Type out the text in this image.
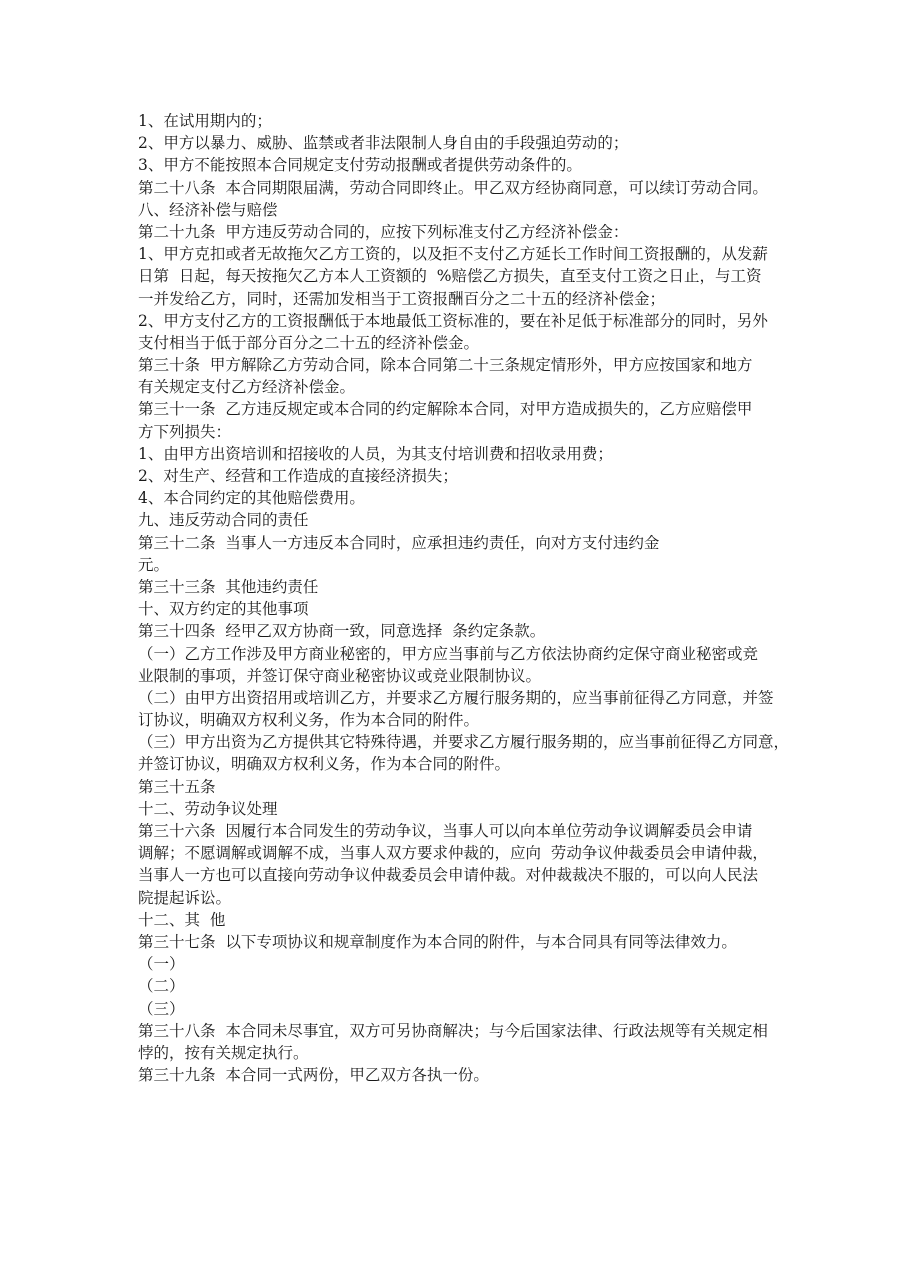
1、在试用期内的；
2、甲方以暴力、威胁、监禁或者非法限制人身自由的手段强迫劳动的；
3、甲方不能按照本合同规定支付劳动报酬或者提供劳动条件的。
第二十八条  本合同期限届满，劳动合同即终止。甲乙双方经协商同意，可以续订劳动合同。
八、经济补偿与赔偿
第二十九条  甲方违反劳动合同的，应按下列标准支付乙方经济补偿金：
1、甲方克扣或者无故拖欠乙方工资的，以及拒不支付乙方延长工作时间工资报酬的，从发薪
日第  日起，每天按拖欠乙方本人工资额的  %赔偿乙方损失，直至支付工资之日止，与工资
一并发给乙方，同时，还需加发相当于工资报酬百分之二十五的经济补偿金；
2、甲方支付乙方的工资报酬低于本地最低工资标准的，要在补足低于标准部分的同时，另外
支付相当于低于部分百分之二十五的经济补偿金。
第三十条  甲方解除乙方劳动合同，除本合同第二十三条规定情形外，甲方应按国家和地方
有关规定支付乙方经济补偿金。
第三十一条  乙方违反规定或本合同的约定解除本合同，对甲方造成损失的，乙方应赔偿甲
方下列损失：
1、由甲方出资培训和招接收的人员，为其支付培训费和招收录用费；
2、对生产、经营和工作造成的直接经济损失；
4、本合同约定的其他赔偿费用。
九、违反劳动合同的责任
第三十二条  当事人一方违反本合同时，应承担违约责任，向对方支付违约金
元。
第三十三条  其他违约责任
十、双方约定的其他事项
第三十四条  经甲乙双方协商一致，同意选择  条约定条款。
（一）乙方工作涉及甲方商业秘密的，甲方应当事前与乙方依法协商约定保守商业秘密或竞
业限制的事项，并签订保守商业秘密协议或竞业限制协议。
（二）由甲方出资招用或培训乙方，并要求乙方履行服务期的，应当事前征得乙方同意，并签
订协议，明确双方权利义务，作为本合同的附件。
（三）甲方出资为乙方提供其它特殊待遇，并要求乙方履行服务期的，应当事前征得乙方同意，
并签订协议，明确双方权利义务，作为本合同的附件。
第三十五条
十二、劳动争议处理
第三十六条  因履行本合同发生的劳动争议，当事人可以向本单位劳动争议调解委员会申请
调解；不愿调解或调解不成，当事人双方要求仲裁的，应向  劳动争议仲裁委员会申请仲裁，
当事人一方也可以直接向劳动争议仲裁委员会申请仲裁。对仲裁裁决不服的，可以向人民法
院提起诉讼。
十二、其  他
第三十七条  以下专项协议和规章制度作为本合同的附件，与本合同具有同等法律效力。
（一）
（二）
（三）
第三十八条  本合同未尽事宜，双方可另协商解决；与今后国家法律、行政法规等有关规定相
悖的，按有关规定执行。
第三十九条  本合同一式两份，甲乙双方各执一份。
